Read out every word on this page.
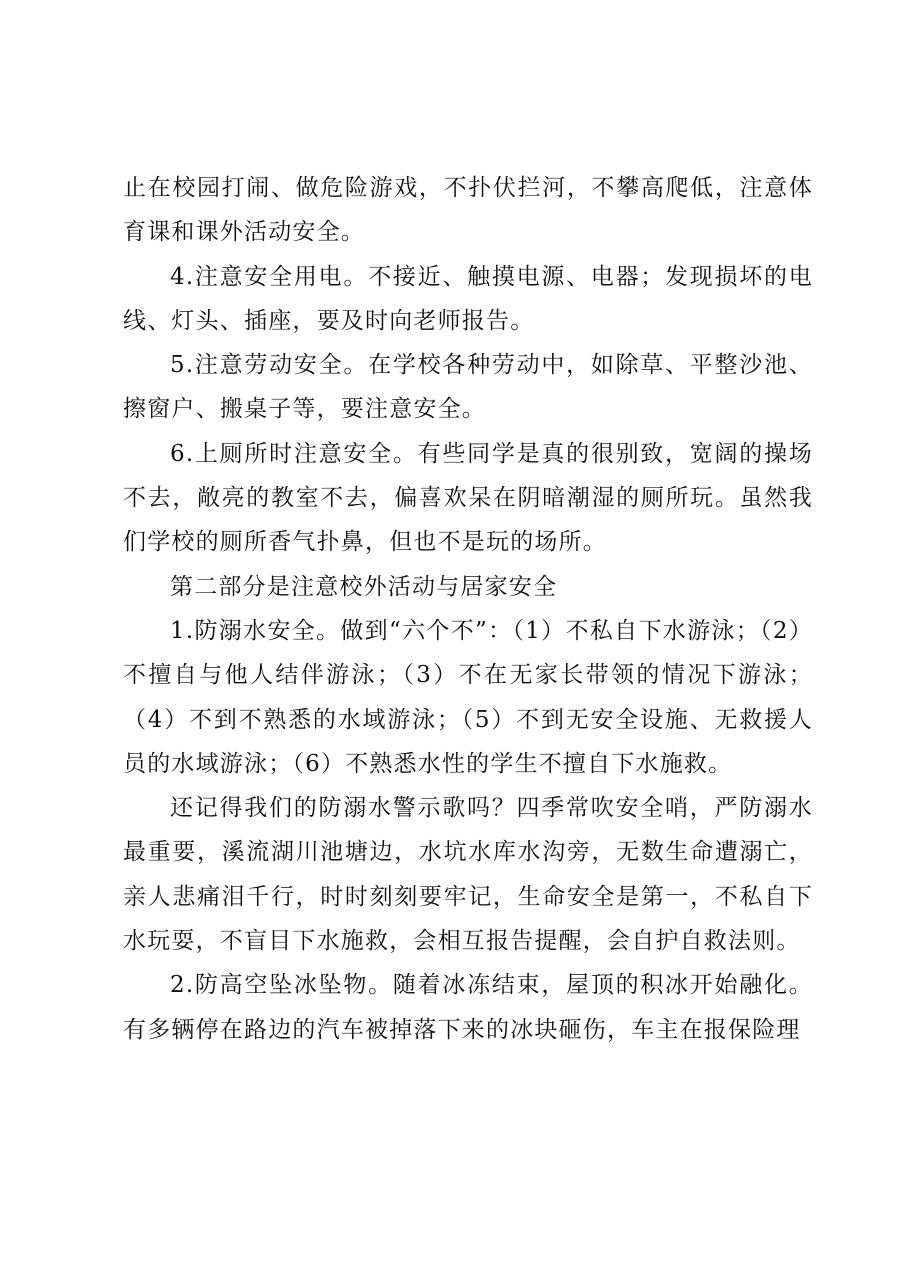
止在校园打闹、做危险游戏，不扑伏拦河，不攀高爬低，注意体育课和课外活动安全。

4.注意安全用电。不接近、触摸电源、电器；发现损坏的电线、灯头、插座，要及时向老师报告。

5.注意劳动安全。在学校各种劳动中，如除草、平整沙池、擦窗户、搬桌子等，要注意安全。

6.上厕所时注意安全。有些同学是真的很别致，宽阔的操场不去，敞亮的教室不去，偏喜欢呆在阴暗潮湿的厕所玩。虽然我们学校的厕所香气扑鼻，但也不是玩的场所。

第二部分是注意校外活动与居家安全

1.防溺水安全。做到“六个不”：（1）不私自下水游泳；（2）不擅自与他人结伴游泳；（3）不在无家长带领的情况下游泳；（4）不到不熟悉的水域游泳；（5）不到无安全设施、无救援人员的水域游泳；（6）不熟悉水性的学生不擅自下水施救。

还记得我们的防溺水警示歌吗？四季常吹安全哨，严防溺水最重要，溪流湖川池塘边，水坑水库水沟旁，无数生命遭溺亡，亲人悲痛泪千行，时时刻刻要牢记，生命安全是第一，不私自下水玩耍，不盲目下水施救，会相互报告提醒，会自护自救法则。

2.防高空坠冰坠物。随着冰冻结束，屋顶的积冰开始融化。有多辆停在路边的汽车被掉落下来的冰块砸伤，车主在报保险理
